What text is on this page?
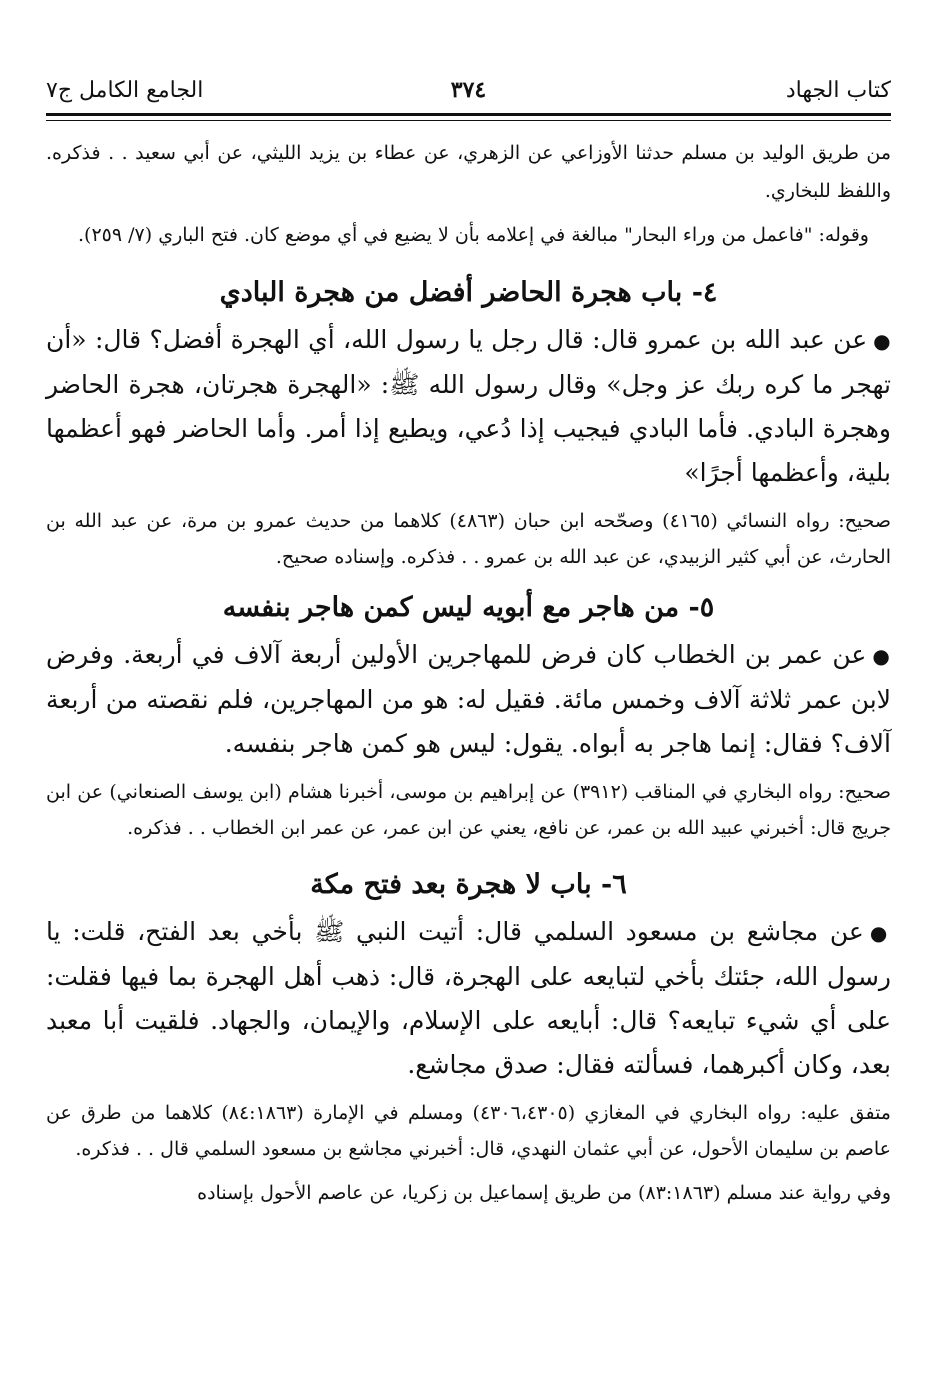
كتاب الجهاد
٣٧٤
الجامع الكامل ج٧

من طريق الوليد بن مسلم حدثنا الأوزاعي عن الزهري، عن عطاء بن يزيد الليثي، عن أبي سعيد . . فذكره. واللفظ للبخاري.

وقوله: "فاعمل من وراء البحار" مبالغة في إعلامه بأن لا يضيع في أي موضع كان. فتح الباري (٧/ ٢٥٩).

٤- باب هجرة الحاضر أفضل من هجرة البادي

●عن عبد الله بن عمرو قال: قال رجل يا رسول الله، أي الهجرة أفضل؟ قال: «أن تهجر ما كره ربك عز وجل» وقال رسول الله ﷺ: «الهجرة هجرتان، هجرة الحاضر وهجرة البادي. فأما البادي فيجيب إذا دُعي، ويطيع إذا أمر. وأما الحاضر فهو أعظمها بلية، وأعظمها أجرًا»

صحيح: رواه النسائي (٤١٦٥) وصحّحه ابن حبان (٤٨٦٣) كلاهما من حديث عمرو بن مرة، عن عبد الله بن الحارث، عن أبي كثير الزبيدي، عن عبد الله بن عمرو . . فذكره. وإسناده صحيح.

٥- من هاجر مع أبويه ليس كمن هاجر بنفسه

●عن عمر بن الخطاب كان فرض للمهاجرين الأولين أربعة آلاف في أربعة. وفرض لابن عمر ثلاثة آلاف وخمس مائة. فقيل له: هو من المهاجرين، فلم نقصته من أربعة آلاف؟ فقال: إنما هاجر به أبواه. يقول: ليس هو كمن هاجر بنفسه.

صحيح: رواه البخاري في المناقب (٣٩١٢) عن إبراهيم بن موسى، أخبرنا هشام (ابن يوسف الصنعاني) عن ابن جريج قال: أخبرني عبيد الله بن عمر، عن نافع، يعني عن ابن عمر، عن عمر ابن الخطاب . . فذكره.

٦- باب لا هجرة بعد فتح مكة

●عن مجاشع بن مسعود السلمي قال: أتيت النبي ﷺ بأخي بعد الفتح، قلت: يا رسول الله، جئتك بأخي لتبايعه على الهجرة، قال: ذهب أهل الهجرة بما فيها فقلت: على أي شيء تبايعه؟ قال: أبايعه على الإسلام، والإيمان، والجهاد. فلقيت أبا معبد بعد، وكان أكبرهما، فسألته فقال: صدق مجاشع.

متفق عليه: رواه البخاري في المغازي (٤٣٠٦،٤٣٠٥) ومسلم في الإمارة (٨٤:١٨٦٣) كلاهما من طرق عن عاصم بن سليمان الأحول، عن أبي عثمان النهدي، قال: أخبرني مجاشع بن مسعود السلمي قال . . فذكره.

وفي رواية عند مسلم (٨٣:١٨٦٣) من طريق إسماعيل بن زكريا، عن عاصم الأحول بإسناده
